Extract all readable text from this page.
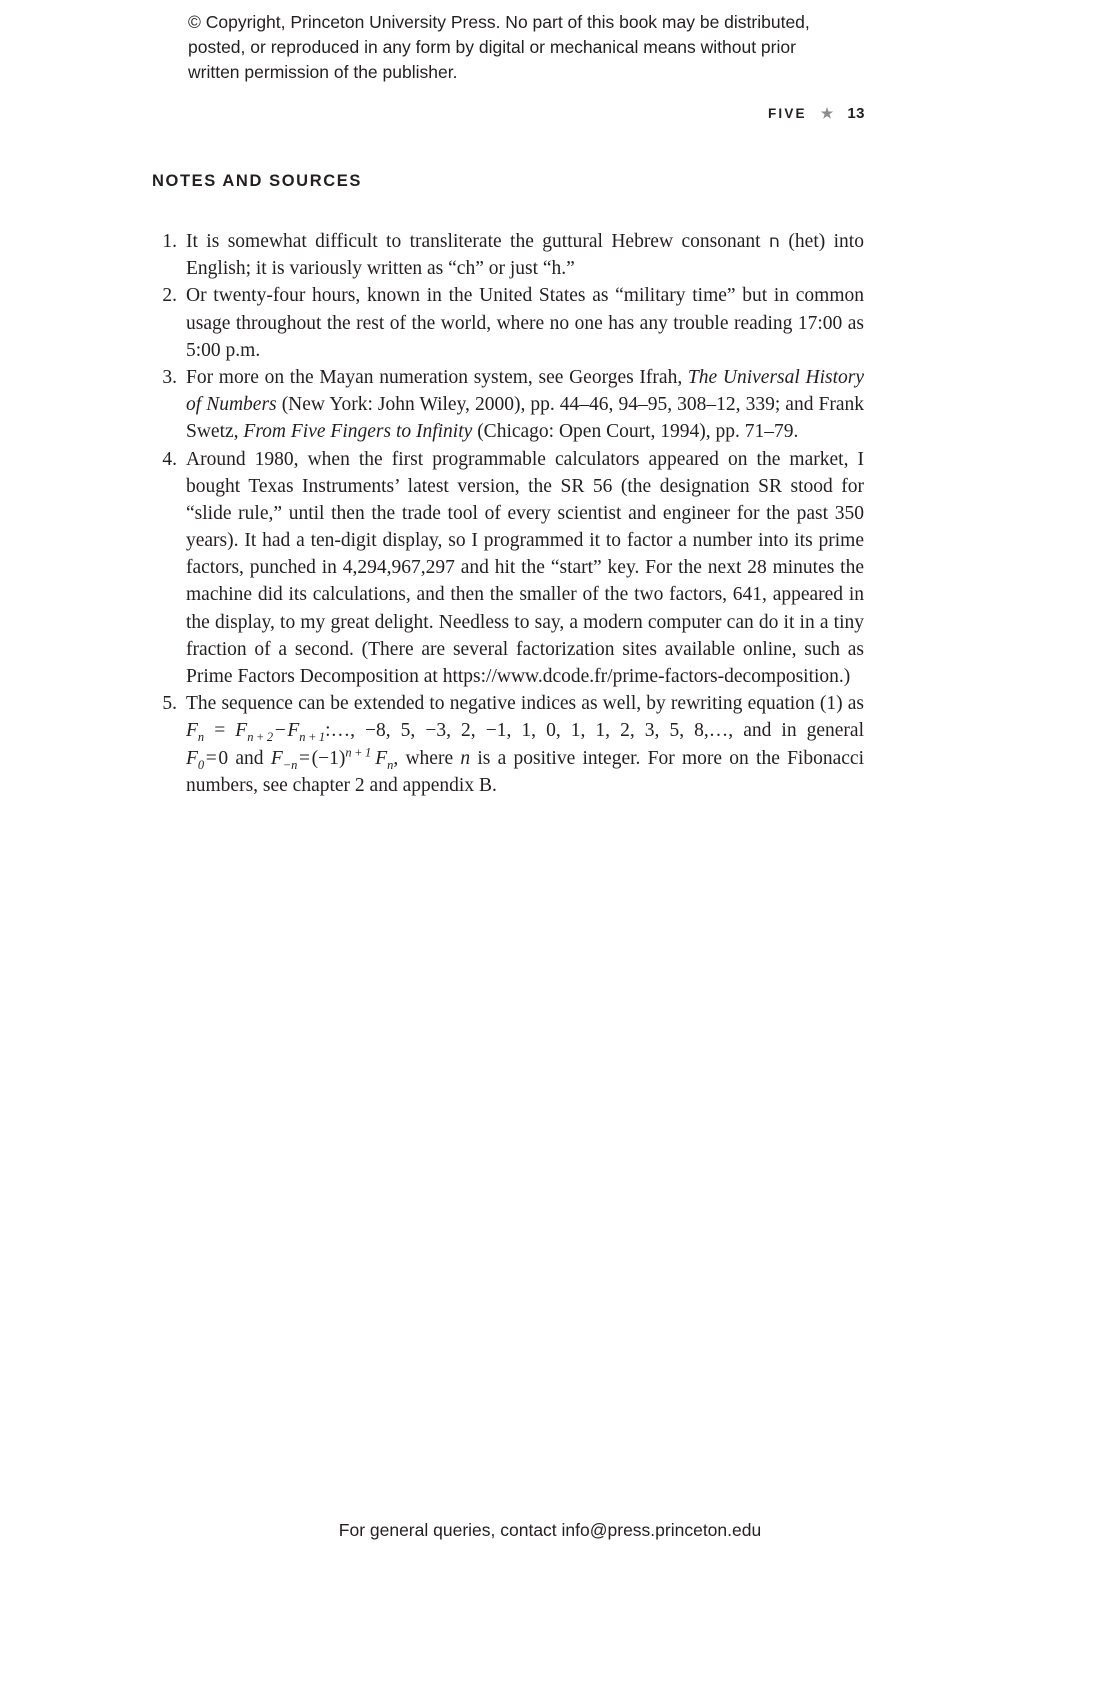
© Copyright, Princeton University Press. No part of this book may be distributed, posted, or reproduced in any form by digital or mechanical means without prior written permission of the publisher.
FIVE ★ 13
NOTES AND SOURCES
1. It is somewhat difficult to transliterate the guttural Hebrew consonant ח (het) into English; it is variously written as “ch” or just “h.”
2. Or twenty-four hours, known in the United States as “military time” but in common usage throughout the rest of the world, where no one has any trouble reading 17:00 as 5:00 p.m.
3. For more on the Mayan numeration system, see Georges Ifrah, The Universal History of Numbers (New York: John Wiley, 2000), pp. 44–46, 94–95, 308–12, 339; and Frank Swetz, From Five Fingers to Infinity (Chicago: Open Court, 1994), pp. 71–79.
4. Around 1980, when the first programmable calculators appeared on the market, I bought Texas Instruments’ latest version, the SR 56 (the designation SR stood for “slide rule,” until then the trade tool of every scientist and engineer for the past 350 years). It had a ten-digit display, so I programmed it to factor a number into its prime factors, punched in 4,294,967,297 and hit the “start” key. For the next 28 minutes the machine did its calculations, and then the smaller of the two factors, 641, appeared in the display, to my great delight. Needless to say, a modern computer can do it in a tiny fraction of a second. (There are several factorization sites available online, such as Prime Factors Decomposition at https://www.dcode.fr/prime-factors-decomposition.)
5. The sequence can be extended to negative indices as well, by rewriting equation (1) as $F_n = F_{n + 2}$ − $F_{n + 1}:\dots$, −8, 5, −3, 2, −1, 1, 0, 1, 1, 2, 3, 5, 8,…, and in general $F_0$ = 0 and $F_{-n}$ = $(-1)^{n + 1}$  $F_n$, where n is a positive integer. For more on the Fibonacci numbers, see chapter 2 and appendix B.
For general queries, contact info@press.princeton.edu
